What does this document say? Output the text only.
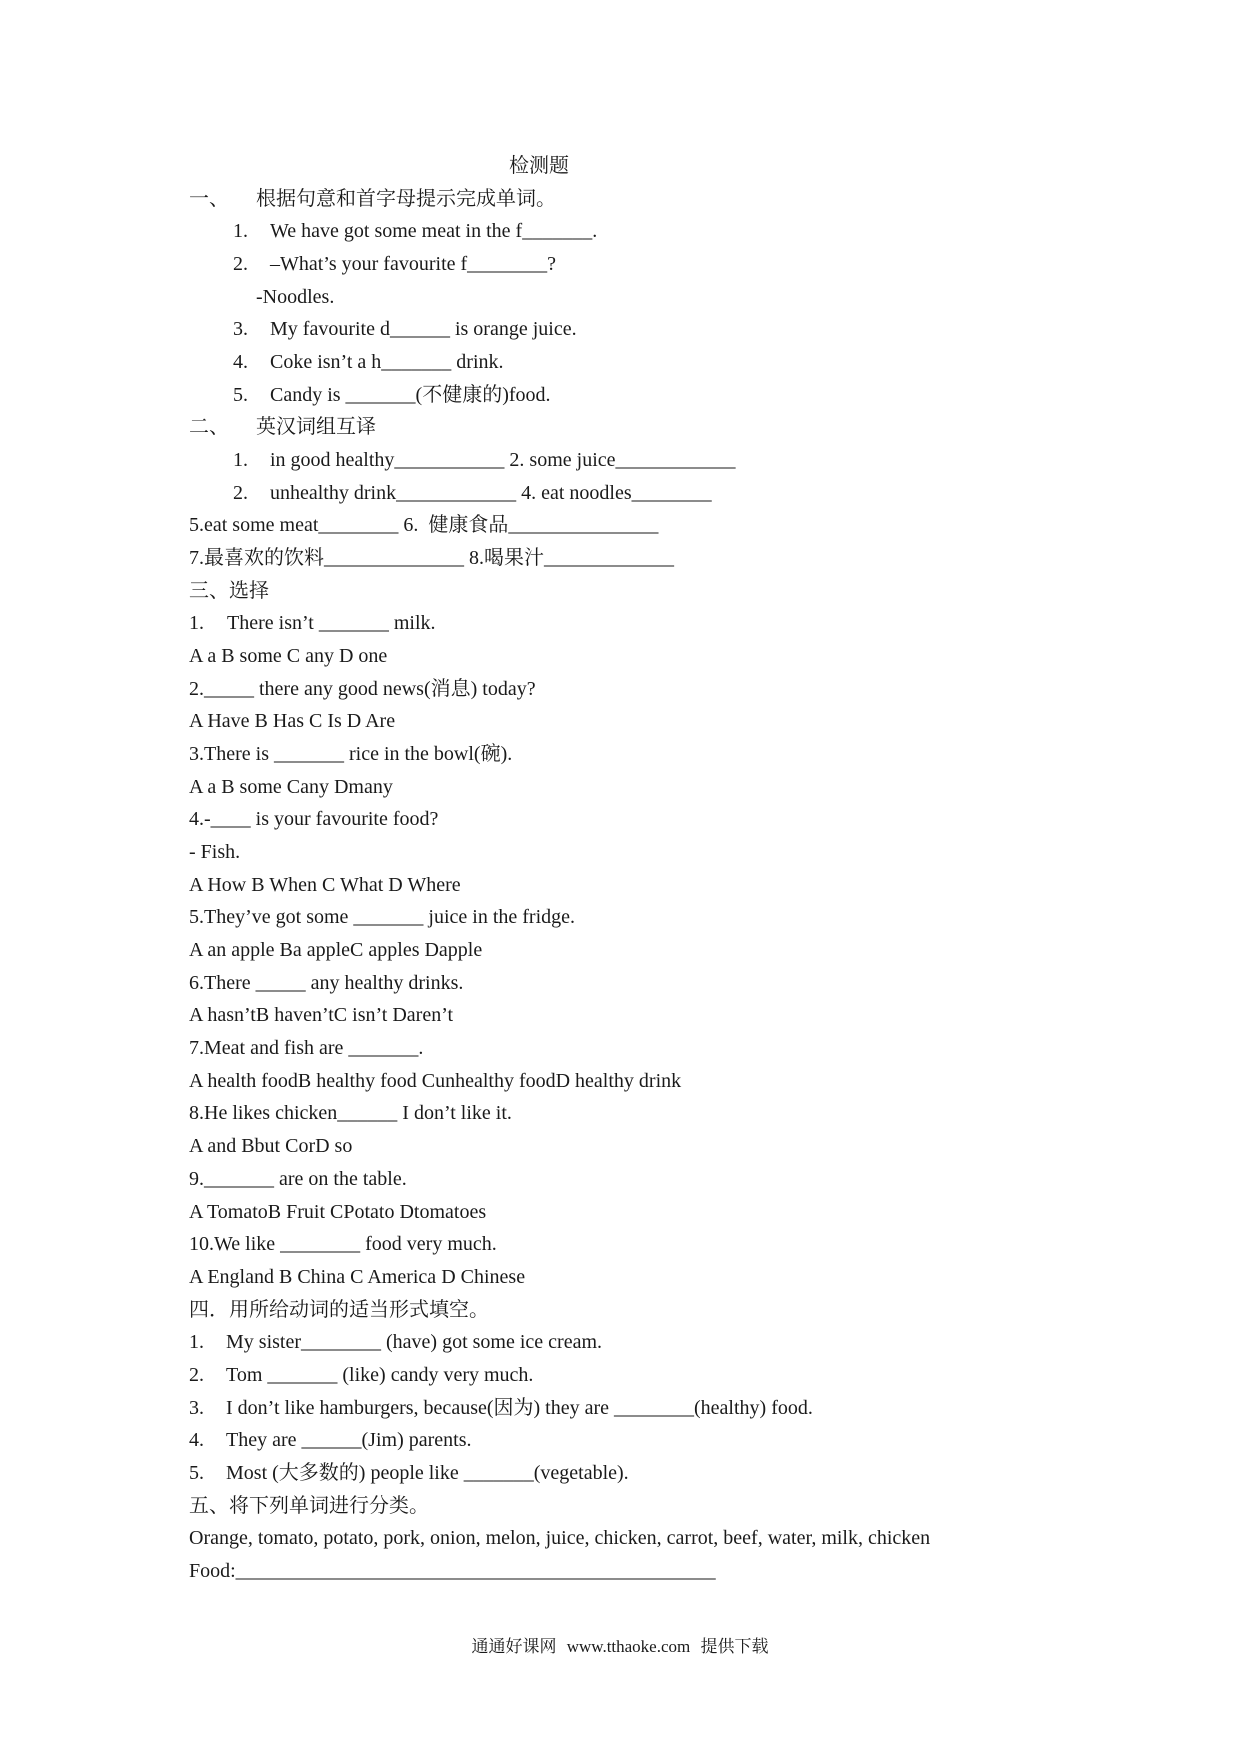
检测题
一、 根据句意和首字母提示完成单词。
1. We have got some meat in the f_______.
2. –What’s your favourite f________?
-Noodles.
3. My favourite d______ is orange juice.
4. Coke isn’t a h_______ drink.
5. Candy is _______(不健康的)food.
二、 英汉词组互译
1. in good healthy___________ 2. some juice____________
2. unhealthy drink____________ 4. eat noodles________
5.eat some meat________ 6.  健康食品_______________
7.最喜欢的饮料______________ 8.喝果汁_____________
三、选择
1. There isn’t _______ milk.
A a B some C any D one
2._____ there any good news(消息) today?
A Have B Has C Is D Are
3.There is _______ rice in the bowl(碗).
A a B some Cany Dmany
4.-____ is your favourite food?
- Fish.
A How B When C What D Where
5.They’ve got some _______ juice in the fridge.
A an apple Ba appleC apples Dapple
6.There _____ any healthy drinks.
A hasn’tB haven’tC isn’t Daren’t
7.Meat and fish are _______.
A health foodB healthy food Cunhealthy foodD healthy drink
8.He likes chicken______ I don’t like it.
A and Bbut CorD so
9._______ are on the table.
A TomatoB Fruit CPotato Dtomatoes
10.We like ________ food very much.
A England B China C America D Chinese
四．用所给动词的适当形式填空。
1. My sister________ (have) got some ice cream.
2. Tom _______ (like) candy very much.
3. I don’t like hamburgers, because(因为) they are ________(healthy) food.
4. They are ______(Jim) parents.
5. Most (大多数的) people like _______(vegetable).
五、将下列单词进行分类。
Orange, tomato, potato, pork, onion, melon, juice, chicken, carrot, beef, water, milk, chicken
Food:________________________________________________
通通好课网 www.tthaoke.com 提供下载
